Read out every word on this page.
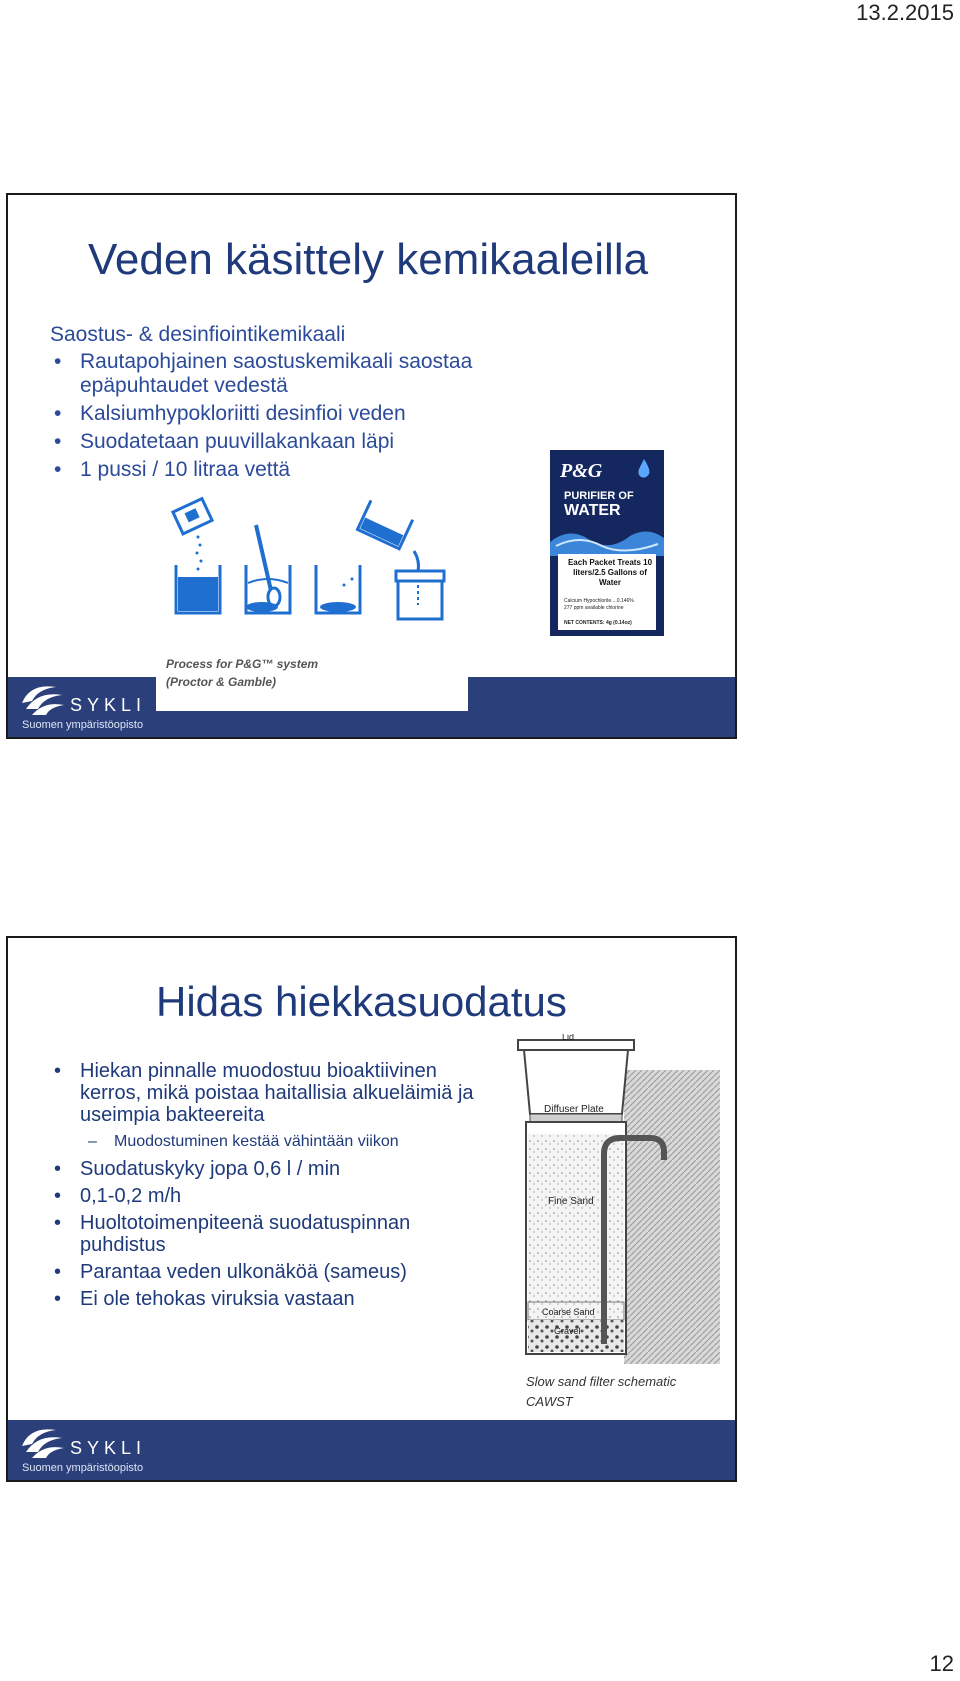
13.2.2015
Veden käsittely kemikaaleilla
Saostus- & desinfiointikemikaali
• Rautapohjainen saostuskemikaali saostaa epäpuhtaudet vedestä
• Kalsiumhypokloriitti desinfioi veden
• Suodatetaan puuvillakankaan läpi
• 1 pussi / 10 litraa vettä
SYKLI
Suomen ympäristöopisto
Process for P&G™ system
(Proctor & Gamble)
P&G
PURIFIER OF
WATER
Each Packet Treats 10 liters/2.5 Gallons of Water
Calcium Hypochlorite....0.146%
277 ppm available chlorine
NET CONTENTS: 4g (0.14oz)
Hidas hiekkasuodatus
• Hiekan pinnalle muodostuu bioaktiivinen kerros, mikä poistaa haitallisia alkueläimiä ja useimpia bakteereita
– Muodostuminen kestää vähintään viikon
• Suodatuskyky jopa 0,6 l / min
• 0,1-0,2 m/h
• Huoltotoimenpiteenä suodatuspinnan puhdistus
• Parantaa veden ulkonäköä (sameus)
• Ei ole tehokas viruksia vastaan
Lid
Diffuser Plate
Fine Sand
Coarse Sand
Gravel
Slow sand filter schematic
CAWST
SYKLI
Suomen ympäristöopisto
12
